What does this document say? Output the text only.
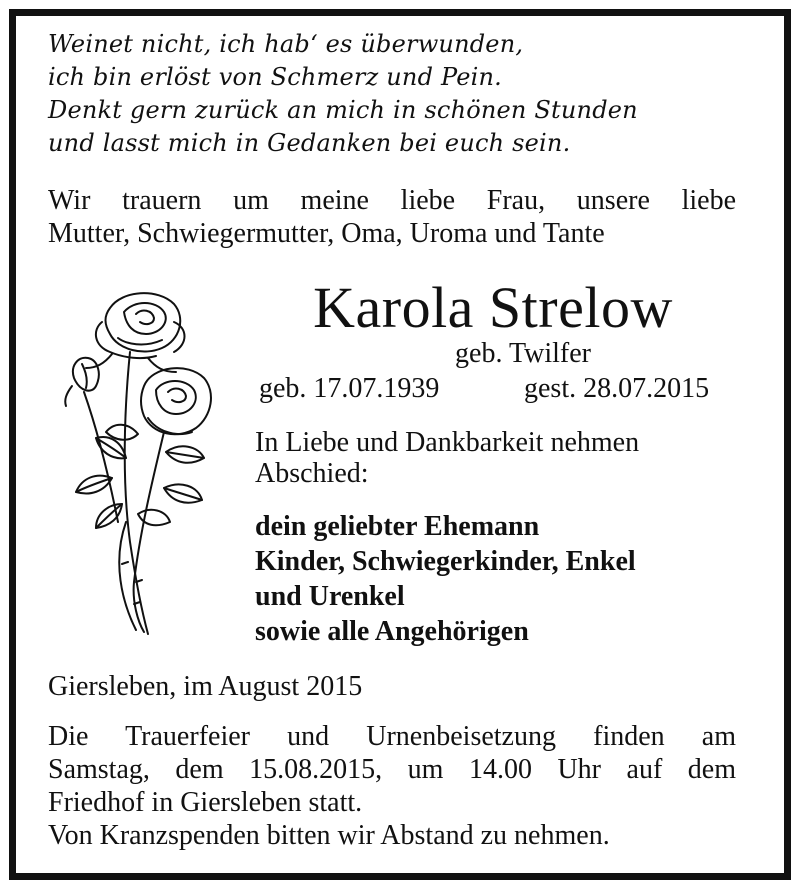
Weinet nicht, ich hab‘ es überwunden,
ich bin erlöst von Schmerz und Pein.
Denkt gern zurück an mich in schönen Stunden
und lasst mich in Gedanken bei euch sein.
Wir trauern um meine liebe Frau, unsere liebe
Mutter, Schwiegermutter, Oma, Uroma und Tante
Karola Strelow
geb. Twilfer
geb. 17.07.1939	gest. 28.07.2015
In Liebe und Dankbarkeit nehmen
Abschied:
dein geliebter Ehemann
Kinder, Schwiegerkinder, Enkel
und Urenkel
sowie alle Angehörigen
Giersleben, im August 2015
Die Trauerfeier und Urnenbeisetzung finden am
Samstag, dem 15.08.2015, um 14.00 Uhr auf dem
Friedhof in Giersleben statt.
Von Kranzspenden bitten wir Abstand zu nehmen.
